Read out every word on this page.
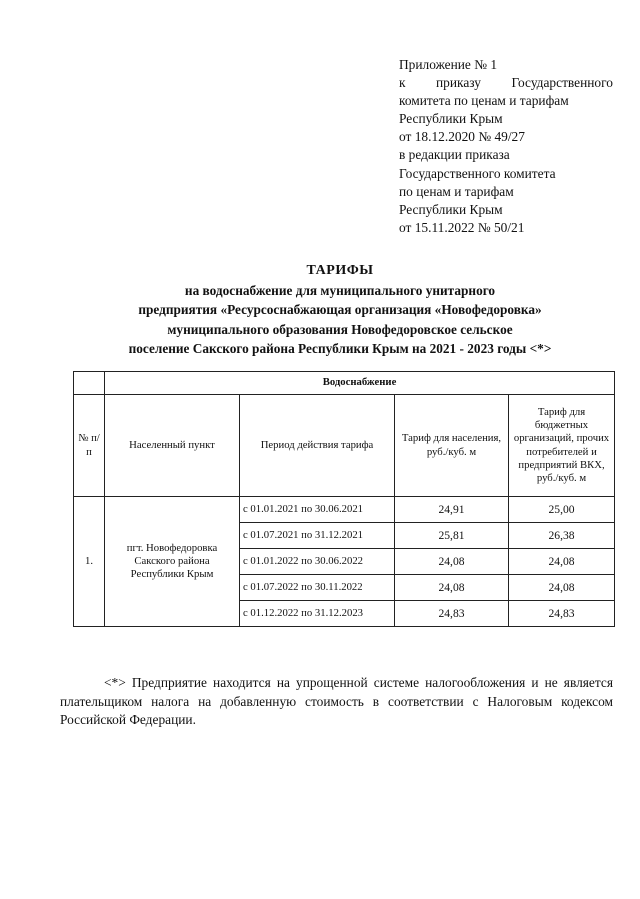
Приложение № 1
к приказу Государственного
комитета по ценам и тарифам
Республики Крым
от 18.12.2020 № 49/27
в редакции приказа
Государственного комитета
по ценам и тарифам
Республики Крым
от 15.11.2022 № 50/21
ТАРИФЫ
на водоснабжение для муниципального унитарного
предприятия «Ресурсоснабжающая организация «Новофедоровка»
муниципального образования Новофедоровское сельское
поселение Сакского района Республики Крым на 2021 - 2023 годы <*>
	Водоснабжение			
№ п/п	Населенный пункт	Период действия тарифа	Тариф для населения, руб./куб. м	Тариф для бюджетных организаций, прочих потребителей и предприятий ВКХ, руб./куб. м
1.	пгт. Новофедоровка Сакского района Республики Крым	с 01.01.2021 по 30.06.2021	24,91	25,00
		с 01.07.2021 по 31.12.2021	25,81	26,38
		с 01.01.2022 по 30.06.2022	24,08	24,08
		с 01.07.2022 по 30.11.2022	24,08	24,08
		с 01.12.2022 по 31.12.2023	24,83	24,83

<*> Предприятие находится на упрощенной системе налогообложения и не является плательщиком налога на добавленную стоимость в соответствии с Налоговым кодексом Российской Федерации.
